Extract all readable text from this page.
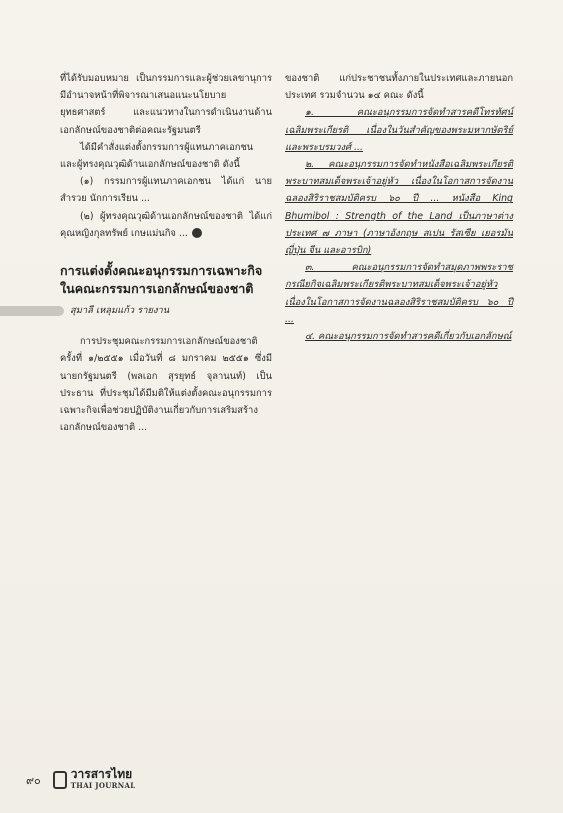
ที่ได้รับมอบหมาย เป็นกรรมการและผู้ช่วยเลขานุการ มีอำนาจหน้าที่พิจารณาเสนอแนะนโยบาย ยุทธศาสตร์ และแนวทางในการดำเนินงานด้านเอกลักษณ์ของชาติต่อคณะรัฐมนตรี

ได้มีคำสั่งแต่งตั้งกรรมการผู้แทนภาคเอกชน และผู้ทรงคุณวุฒิด้านเอกลักษณ์ของชาติ ดังนี้

(๑) กรรมการผู้แทนภาคเอกชน ได้แก่ นายสำรวย นักการเรียน ...

(๒) ผู้ทรงคุณวุฒิด้านเอกลักษณ์ของชาติ ได้แก่ คุณหญิงกุลทรัพย์ เกษแม่นกิจ ...

การแต่งตั้งคณะอนุกรรมการเฉพาะกิจในคณะกรรมการเอกลักษณ์ของชาติ
สุมาลี เหลุมแก้ว รายงาน

การประชุมคณะกรรมการเอกลักษณ์ของชาติ ครั้งที่ ๑/๒๕๕๑ เมื่อวันที่ ๘ มกราคม ๒๕๕๑ ซึ่งมีนายกรัฐมนตรี (พลเอก สุรยุทธ์ จุลานนท์) เป็นประธาน ที่ประชุมได้มีมติให้แต่งตั้งคณะอนุกรรมการเฉพาะกิจเพื่อช่วยปฏิบัติงานเกี่ยวกับการเสริมสร้างเอกลักษณ์ของชาติ ...

ของชาติ แก่ประชาชนทั้งภายในประเทศและภายนอกประเทศ รวมจำนวน ๑๔ คณะ ดังนี้

๑. คณะอนุกรรมการจัดทำสารคดีโทรทัศน์เฉลิมพระเกียรติ เนื่องในวันสำคัญของพระมหากษัตริย์และพระบรมวงศ์ ...

๒. คณะอนุกรรมการจัดทำหนังสือเฉลิมพระเกียรติพระบาทสมเด็จพระเจ้าอยู่หัว เนื่องในโอกาสการจัดงานฉลองสิริราชสมบัติครบ ๖๐ ปี ... หนังสือ King Bhumibol : Strength of the Land เป็นภาษาต่างประเทศ ๗ ภาษา (ภาษาอังกฤษ สเปน รัสเซีย เยอรมัน ญี่ปุ่น จีน และอารบิก)

๓. คณะอนุกรรมการจัดทำสมุดภาพพระราชกรณียกิจเฉลิมพระเกียรติพระบาทสมเด็จพระเจ้าอยู่หัว เนื่องในโอกาสการจัดงานฉลองสิริราชสมบัติครบ ๖๐ ปี ...

๔. คณะอนุกรรมการจัดทำสารคดีเกี่ยวกับเอกลักษณ์

๙๐	วารสารไทย
THAI JOURNAL
